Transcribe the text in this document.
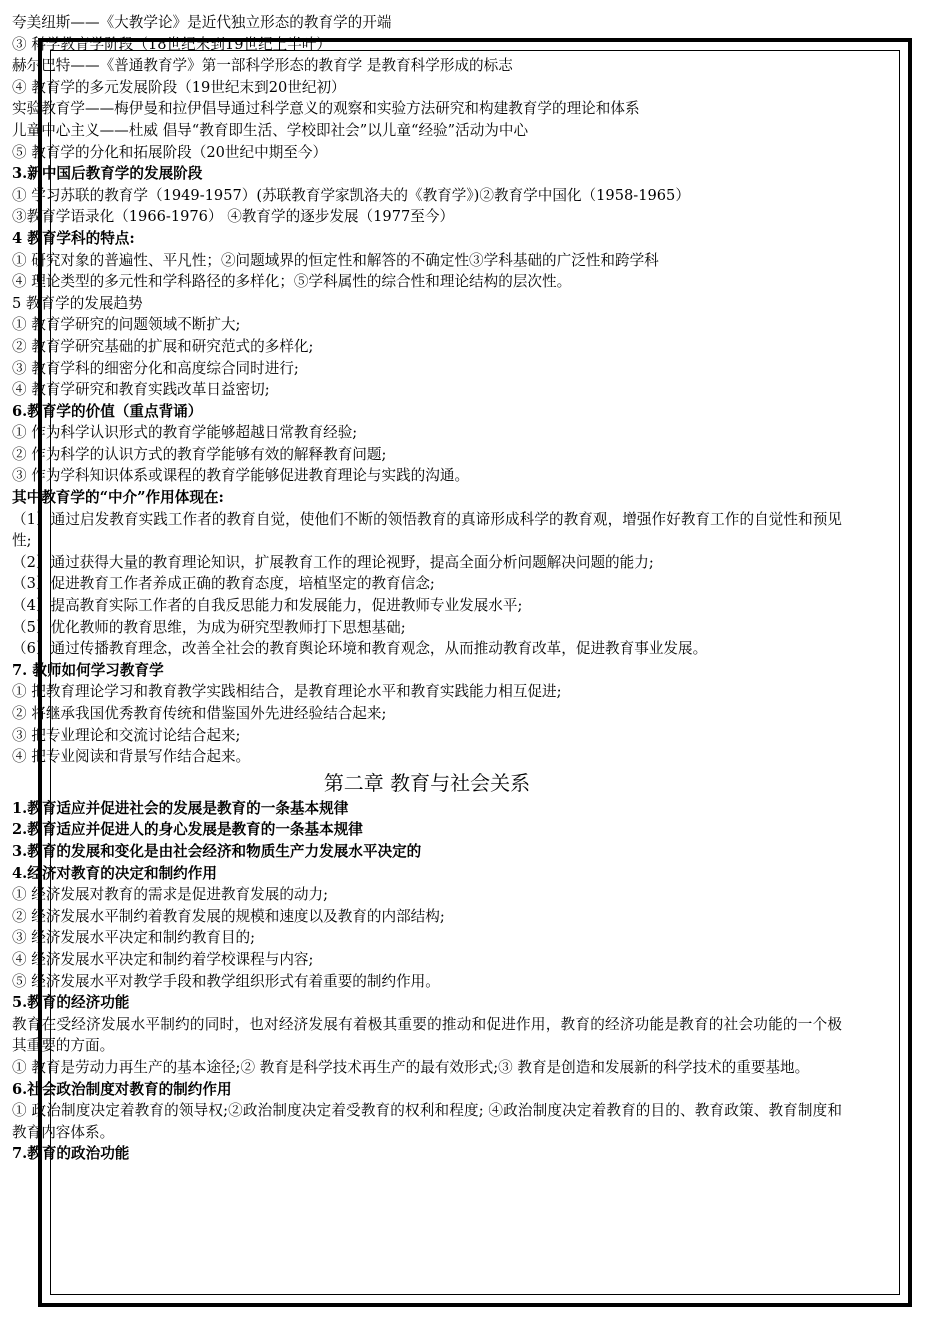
夸美纽斯——《大教学论》是近代独立形态的教育学的开端
③ 科学教育学阶段（18世纪末到19世纪上半叶）
赫尔巴特——《普通教育学》第一部科学形态的教育学 是教育科学形成的标志
④ 教育学的多元发展阶段（19世纪末到20世纪初）
实验教育学——梅伊曼和拉伊倡导通过科学意义的观察和实验方法研究和构建教育学的理论和体系
儿童中心主义——杜威 倡导“教育即生活、学校即社会”以儿童“经验”活动为中心
⑤ 教育学的分化和拓展阶段（20世纪中期至今）
3.新中国后教育学的发展阶段
① 学习苏联的教育学（1949-1957）(苏联教育学家凯洛夫的《教育学》)②教育学中国化（1958-1965）
③教育学语录化（1966-1976） ④教育学的逐步发展（1977至今）
4 教育学科的特点:
① 研究对象的普遍性、平凡性；②问题域界的恒定性和解答的不确定性③学科基础的广泛性和跨学科
④ 理论类型的多元性和学科路径的多样化；⑤学科属性的综合性和理论结构的层次性。
5 教育学的发展趋势
① 教育学研究的问题领域不断扩大;
② 教育学研究基础的扩展和研究范式的多样化;
③ 教育学科的细密分化和高度综合同时进行;
④ 教育学研究和教育实践改革日益密切;
6.教育学的价值（重点背诵）
① 作为科学认识形式的教育学能够超越日常教育经验;
② 作为科学的认识方式的教育学能够有效的解释教育问题;
③ 作为学科知识体系或课程的教育学能够促进教育理论与实践的沟通。
其中教育学的“中介”作用体现在:
（1）通过启发教育实践工作者的教育自觉，使他们不断的领悟教育的真谛形成科学的教育观，增强作好教育工作的自觉性和预见性;
（2）通过获得大量的教育理论知识，扩展教育工作的理论视野，提高全面分析问题解决问题的能力;
（3）促进教育工作者养成正确的教育态度，培植坚定的教育信念;
（4）提高教育实际工作者的自我反思能力和发展能力，促进教师专业发展水平;
（5）优化教师的教育思维，为成为研究型教师打下思想基础;
（6）通过传播教育理念，改善全社会的教育舆论环境和教育观念，从而推动教育改革，促进教育事业发展。
7. 教师如何学习教育学
① 把教育理论学习和教育教学实践相结合，是教育理论水平和教育实践能力相互促进;
② 将继承我国优秀教育传统和借鉴国外先进经验结合起来;
③ 把专业理论和交流讨论结合起来;
④ 把专业阅读和背景写作结合起来。
第二章 教育与社会关系
1.教育适应并促进社会的发展是教育的一条基本规律
2.教育适应并促进人的身心发展是教育的一条基本规律
3.教育的发展和变化是由社会经济和物质生产力发展水平决定的
4.经济对教育的决定和制约作用
① 经济发展对教育的需求是促进教育发展的动力;
② 经济发展水平制约着教育发展的规模和速度以及教育的内部结构;
③ 经济发展水平决定和制约教育目的;
④ 经济发展水平决定和制约着学校课程与内容;
⑤ 经济发展水平对教学手段和教学组织形式有着重要的制约作用。
5.教育的经济功能
教育在受经济发展水平制约的同时，也对经济发展有着极其重要的推动和促进作用，教育的经济功能是教育的社会功能的一个极其重要的方面。
① 教育是劳动力再生产的基本途径;② 教育是科学技术再生产的最有效形式;③ 教育是创造和发展新的科学技术的重要基地。
6.社会政治制度对教育的制约作用
① 政治制度决定着教育的领导权;②政治制度决定着受教育的权利和程度; ④政治制度决定着教育的目的、教育政策、教育制度和教育内容体系。
7.教育的政治功能
